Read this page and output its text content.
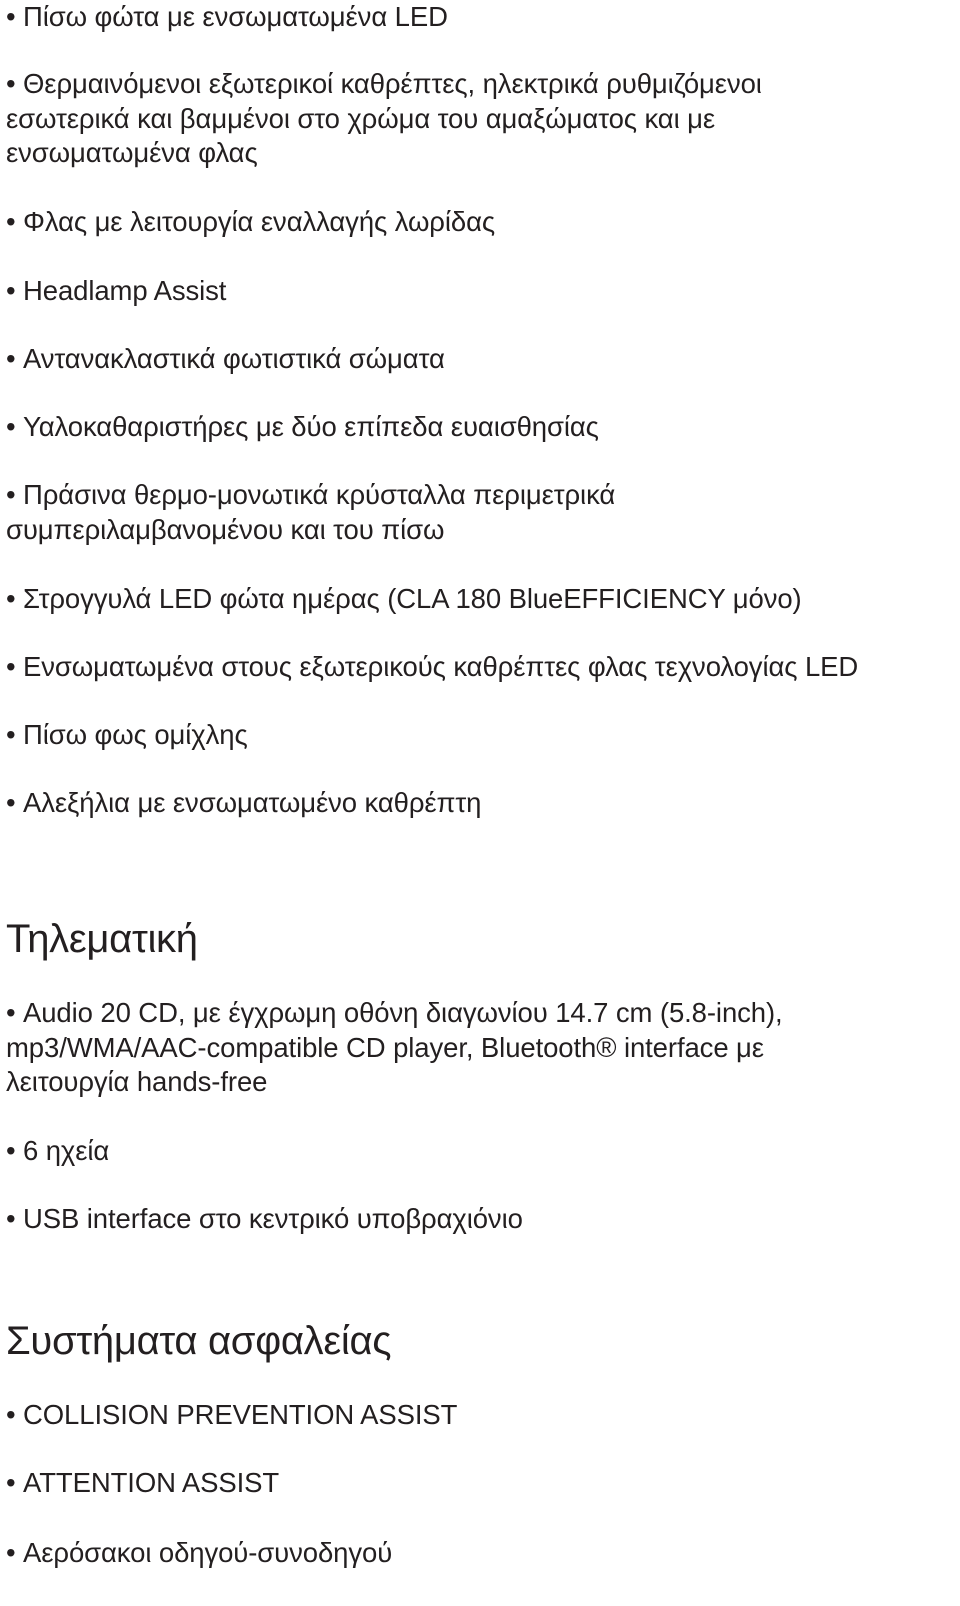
• Πίσω φώτα με ενσωματωμένα LED
• Θερμαινόμενοι εξωτερικοί καθρέπτες, ηλεκτρικά ρυθμιζόμενοι
εσωτερικά και βαμμένοι στο χρώμα του αμαξώματος και με
ενσωματωμένα φλας
• Φλας με λειτουργία εναλλαγής λωρίδας
• Headlamp Assist
• Αντανακλαστικά φωτιστικά σώματα
• Υαλοκαθαριστήρες με δύο επίπεδα ευαισθησίας
• Πράσινα θερμο-μονωτικά κρύσταλλα περιμετρικά
συμπεριλαμβανομένου και του πίσω
• Στρογγυλά LED φώτα ημέρας (CLA 180 BlueEFFICIENCY μόνο)
• Ενσωματωμένα στους εξωτερικούς καθρέπτες φλας τεχνολογίας LED
• Πίσω φως ομίχλης
• Αλεξήλια με ενσωματωμένο καθρέπτη
Τηλεματική
• Audio 20 CD, με έγχρωμη οθόνη διαγωνίου 14.7 cm (5.8-inch),
mp3/WMA/AAC-compatible CD player, Bluetooth® interface με
λειτουργία hands-free
• 6 ηχεία
• USB interface στο κεντρικό υποβραχιόνιο
Συστήματα ασφαλείας
• COLLISION PREVENTION ASSIST
• ATTENTION ASSIST
• Αερόσακοι οδηγού-συνοδηγού
